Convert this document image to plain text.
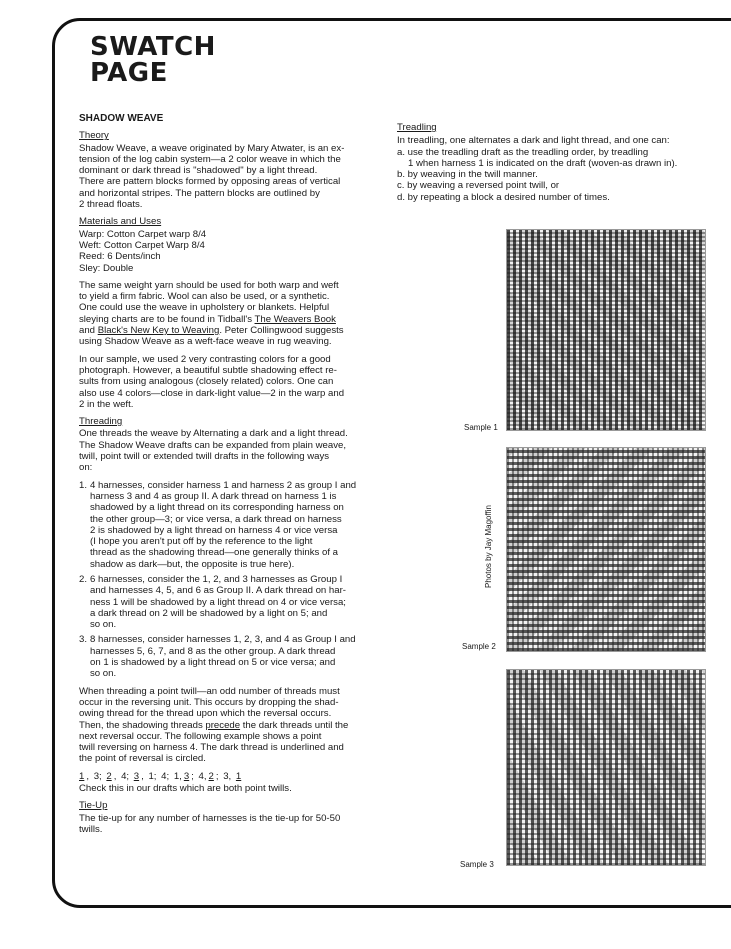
SWATCH
PAGE
SHADOW WEAVE
Theory

Shadow Weave, a weave originated by Mary Atwater, is an ex-
tension of the log cabin system—a 2 color weave in which the
dominant or dark thread is "shadowed" by a light thread.
There are pattern blocks formed by opposing areas of vertical
and horizontal stripes. The pattern blocks are outlined by
2 thread floats.

Materials and Uses

Warp: Cotton Carpet warp 8/4
Weft: Cotton Carpet Warp 8/4
Reed: 6 Dents/inch
Sley: Double

The same weight yarn should be used for both warp and weft
to yield a firm fabric. Wool can also be used, or a synthetic.
One could use the weave in upholstery or blankets. Helpful
sleying charts are to be found in Tidball's The Weavers Book
and Black's New Key to Weaving. Peter Collingwood suggests
using Shadow Weave as a weft-face weave in rug weaving.

In our sample, we used 2 very contrasting colors for a good
photograph. However, a beautiful subtle shadowing effect re-
sults from using analogous (closely related) colors. One can
also use 4 colors—close in dark-light value—2 in the warp and
2 in the weft.

Threading

One threads the weave by Alternating a dark and a light thread.
The Shadow Weave drafts can be expanded from plain weave,
twill, point twill or extended twill drafts in the following ways
on:

1. 4 harnesses, consider harness 1 and harness 2 as group I and
harness 3 and 4 as group II. A dark thread on harness 1 is
shadowed by a light thread on its corresponding harness on
the other group—3; or vice versa, a dark thread on harness
2 is shadowed by a light thread on harness 4 or vice versa
(I hope you aren't put off by the reference to the light
thread as the shadowing thread—one generally thinks of a
shadow as dark—but, the opposite is true here).
2. 6 harnesses, consider the 1, 2, and 3 harnesses as Group I
and harnesses 4, 5, and 6 as Group II. A dark thread on har-
ness 1 will be shadowed by a light thread on 4 or vice versa;
a dark thread on 2 will be shadowed by a light on 5; and
so on.
3. 8 harnesses, consider harnesses 1, 2, 3, and 4 as Group I and
harnesses 5, 6, 7, and 8 as the other group. A dark thread
on 1 is shadowed by a light thread on 5 or vice versa; and
so on.

When threading a point twill—an odd number of threads must
occur in the reversing unit. This occurs by dropping the shad-
owing thread for the thread upon which the reversal occurs.
Then, the shadowing threads precede the dark threads until the
next reversal occur. The following example shows a point
twill reversing on harness 4. The dark thread is underlined and
the point of reversal is circled.

1 , 3; 2 , 4; 3 , 1; 4; 1, 3 ; 4, 2 ; 3, 1

Check this in our drafts which are both point twills.

Tie-Up

The tie-up for any number of harnesses is the tie-up for 50-50
twills.

Treadling
In treadling, one alternates a dark and light thread, and one can:
a. use the treadling draft as the treadling order, by treadling
1 when harness 1 is indicated on the draft (woven-as drawn in).
b. by weaving in the twill manner.
c. by weaving a reversed point twill, or
d. by repeating a block a desired number of times.
Sample 1
Photos by Jay Magoffin
Sample 2
Sample 3
